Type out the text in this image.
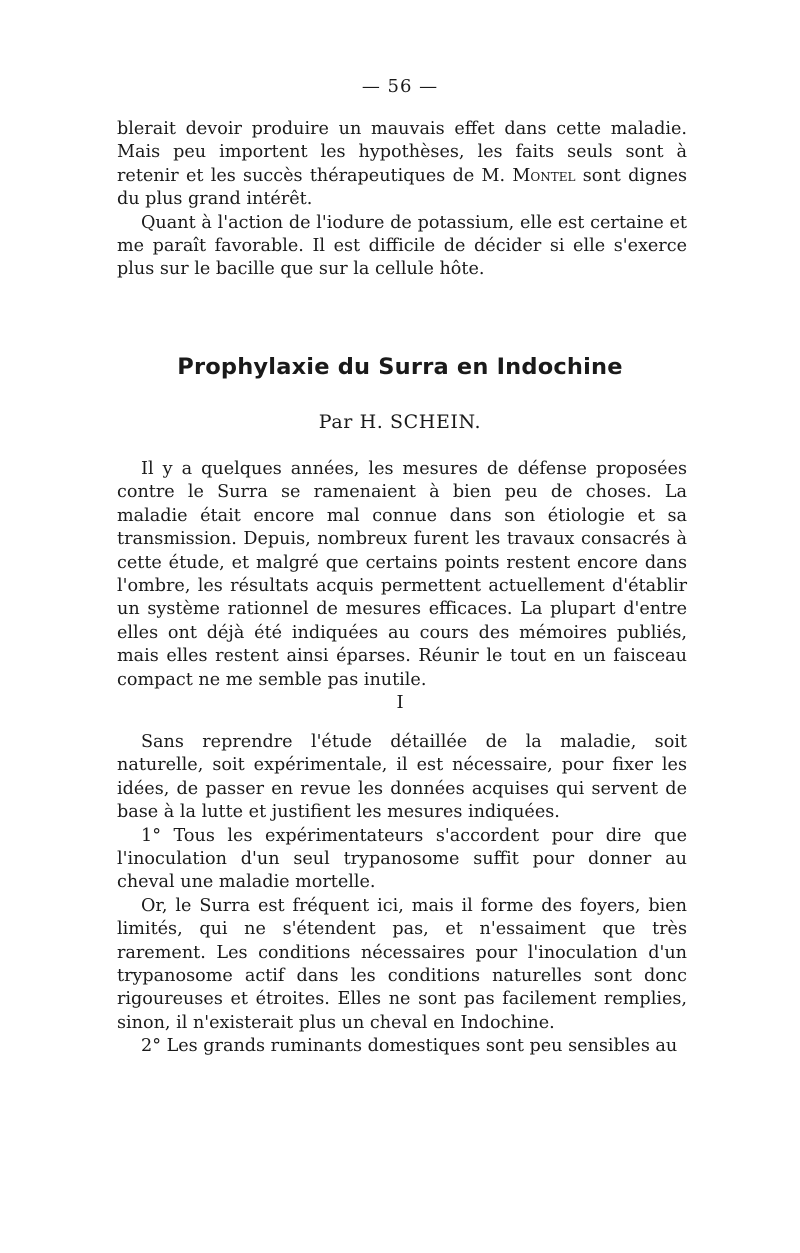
— 56 —

blerait devoir produire un mauvais effet dans cette maladie. Mais peu importent les hypothèses, les faits seuls sont à retenir et les succès thérapeutiques de M. Montel sont dignes du plus grand intérêt.

Quant à l'action de l'iodure de potassium, elle est certaine et me paraît favorable. Il est difficile de décider si elle s'exerce plus sur le bacille que sur la cellule hôte.

Prophylaxie du Surra en Indochine
Par H. SCHEIN.

Il y a quelques années, les mesures de défense proposées contre le Surra se ramenaient à bien peu de choses. La maladie était encore mal connue dans son étiologie et sa transmission. Depuis, nombreux furent les travaux consacrés à cette étude, et malgré que certains points restent encore dans l'ombre, les résultats acquis permettent actuellement d'établir un système rationnel de mesures efficaces. La plupart d'entre elles ont déjà été indiquées au cours des mémoires publiés, mais elles restent ainsi éparses. Réunir le tout en un faisceau compact ne me semble pas inutile.

I

Sans reprendre l'étude détaillée de la maladie, soit naturelle, soit expérimentale, il est nécessaire, pour fixer les idées, de passer en revue les données acquises qui servent de base à la lutte et justifient les mesures indiquées.

1° Tous les expérimentateurs s'accordent pour dire que l'inoculation d'un seul trypanosome suffit pour donner au cheval une maladie mortelle.

Or, le Surra est fréquent ici, mais il forme des foyers, bien limités, qui ne s'étendent pas, et n'essaiment que très rarement. Les conditions nécessaires pour l'inoculation d'un trypanosome actif dans les conditions naturelles sont donc rigoureuses et étroites. Elles ne sont pas facilement remplies, sinon, il n'existerait plus un cheval en Indochine.

2° Les grands ruminants domestiques sont peu sensibles au
